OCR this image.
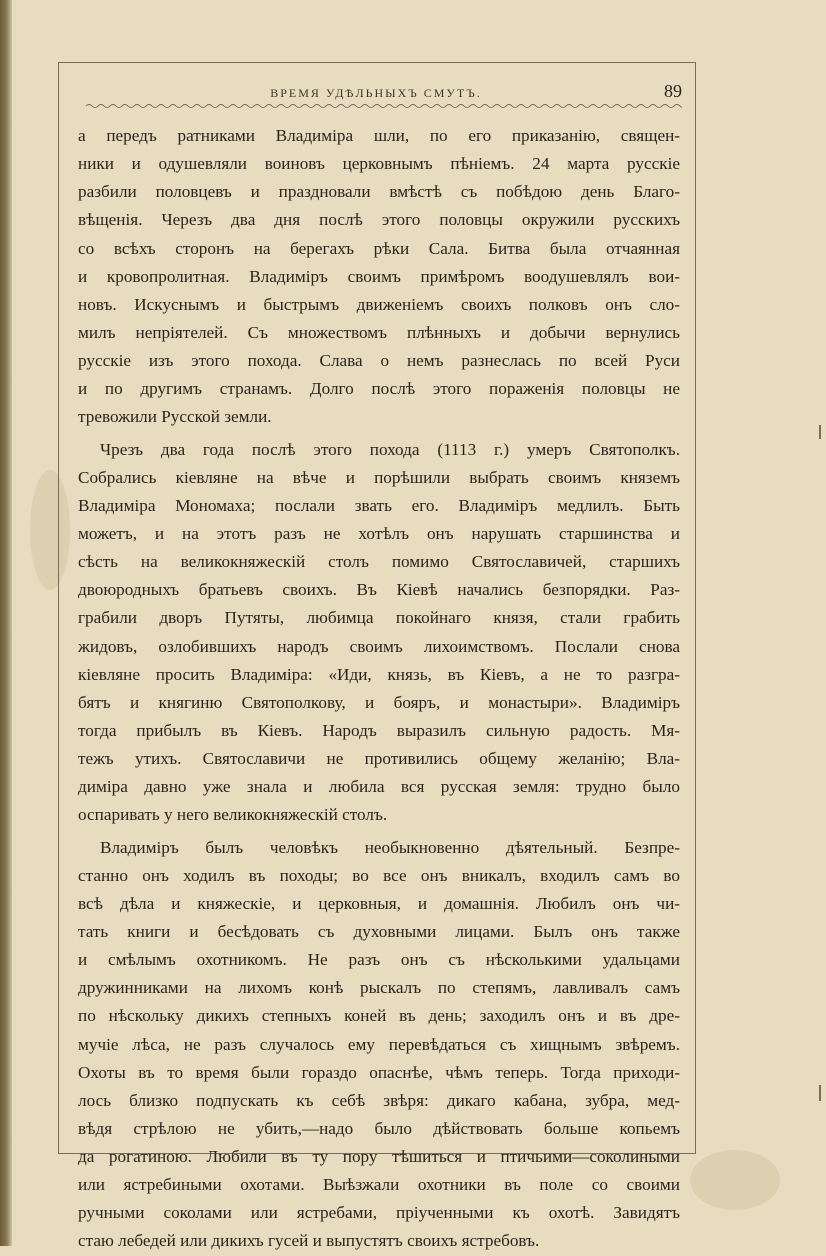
ВРЕМЯ УДѢЛЬНЫХЪ СМУТЪ.	89
а передъ ратниками Владиміра шли, по его приказанію, священ-
ники и одушевляли воиновъ церковнымъ пѣніемъ. 24 марта русскіе
разбили половцевъ и праздновали вмѣстѣ съ побѣдою день Благо-
вѣщенія. Черезъ два дня послѣ этого половцы окружили русскихъ
со всѣхъ сторонъ на берегахъ рѣки Сала. Битва была отчаянная
и кровопролитная. Владиміръ своимъ примѣромъ воодушевлялъ вои-
новъ. Искуснымъ и быстрымъ движеніемъ своихъ полковъ онъ сло-
милъ непріятелей. Съ множествомъ плѣнныхъ и добычи вернулись
русскіе изъ этого похода. Слава о немъ разнеслась по всей Руси
и по другимъ странамъ. Долго послѣ этого пораженія половцы не
тревожили Русской земли.
Чрезъ два года послѣ этого похода (1113 г.) умеръ Святополкъ.
Собрались кіевляне на вѣче и порѣшили выбрать своимъ княземъ
Владиміра Мономаха; послали звать его. Владиміръ медлилъ. Быть
можетъ, и на этотъ разъ не хотѣлъ онъ нарушать старшинства и
сѣсть на великокняжескій столъ помимо Святославичей, старшихъ
двоюродныхъ братьевъ своихъ. Въ Кіевѣ начались безпорядки. Раз-
грабили дворъ Путяты, любимца покойнаго князя, стали грабить
жидовъ, озлобившихъ народъ своимъ лихоимствомъ. Послали снова
кіевляне просить Владиміра: «Иди, князь, въ Кіевъ, а не то разгра-
бятъ и княгиню Святополкову, и бояръ, и монастыри». Владиміръ
тогда прибылъ въ Кіевъ. Народъ выразилъ сильную радость. Мя-
тежъ утихъ. Святославичи не противились общему желанію; Вла-
диміра давно уже знала и любила вся русская земля: трудно было
оспаривать у него великокняжескій столъ.
Владиміръ былъ человѣкъ необыкновенно дѣятельный. Безпре-
станно онъ ходилъ въ походы; во все онъ вникалъ, входилъ самъ во
всѣ дѣла и княжескіе, и церковныя, и домашнія. Любилъ онъ чи-
тать книги и бесѣдовать съ духовными лицами. Былъ онъ также
и смѣлымъ охотникомъ. Не разъ онъ съ нѣсколькими удальцами
дружинниками на лихомъ конѣ рыскалъ по степямъ, лавливалъ самъ
по нѣскольку дикихъ степныхъ коней въ день; заходилъ онъ и въ дре-
мучіе лѣса, не разъ случалось ему перевѣдаться съ хищнымъ звѣремъ.
Охоты въ то время были гораздо опаснѣе, чѣмъ теперь. Тогда приходи-
лось близко подпускать къ себѣ звѣря: дикаго кабана, зубра, мед-
вѣдя стрѣлою не убить,—надо было дѣйствовать больше копьемъ
да рогатиною. Любили въ ту пору тѣшиться и птичьими—соколиными
или ястребиными охотами. Выѣзжали охотники въ поле со своими
ручными соколами или ястребами, пріученными къ охотѣ. Завидятъ
стаю лебедей или дикихъ гусей и выпустятъ своихъ ястребовъ.
